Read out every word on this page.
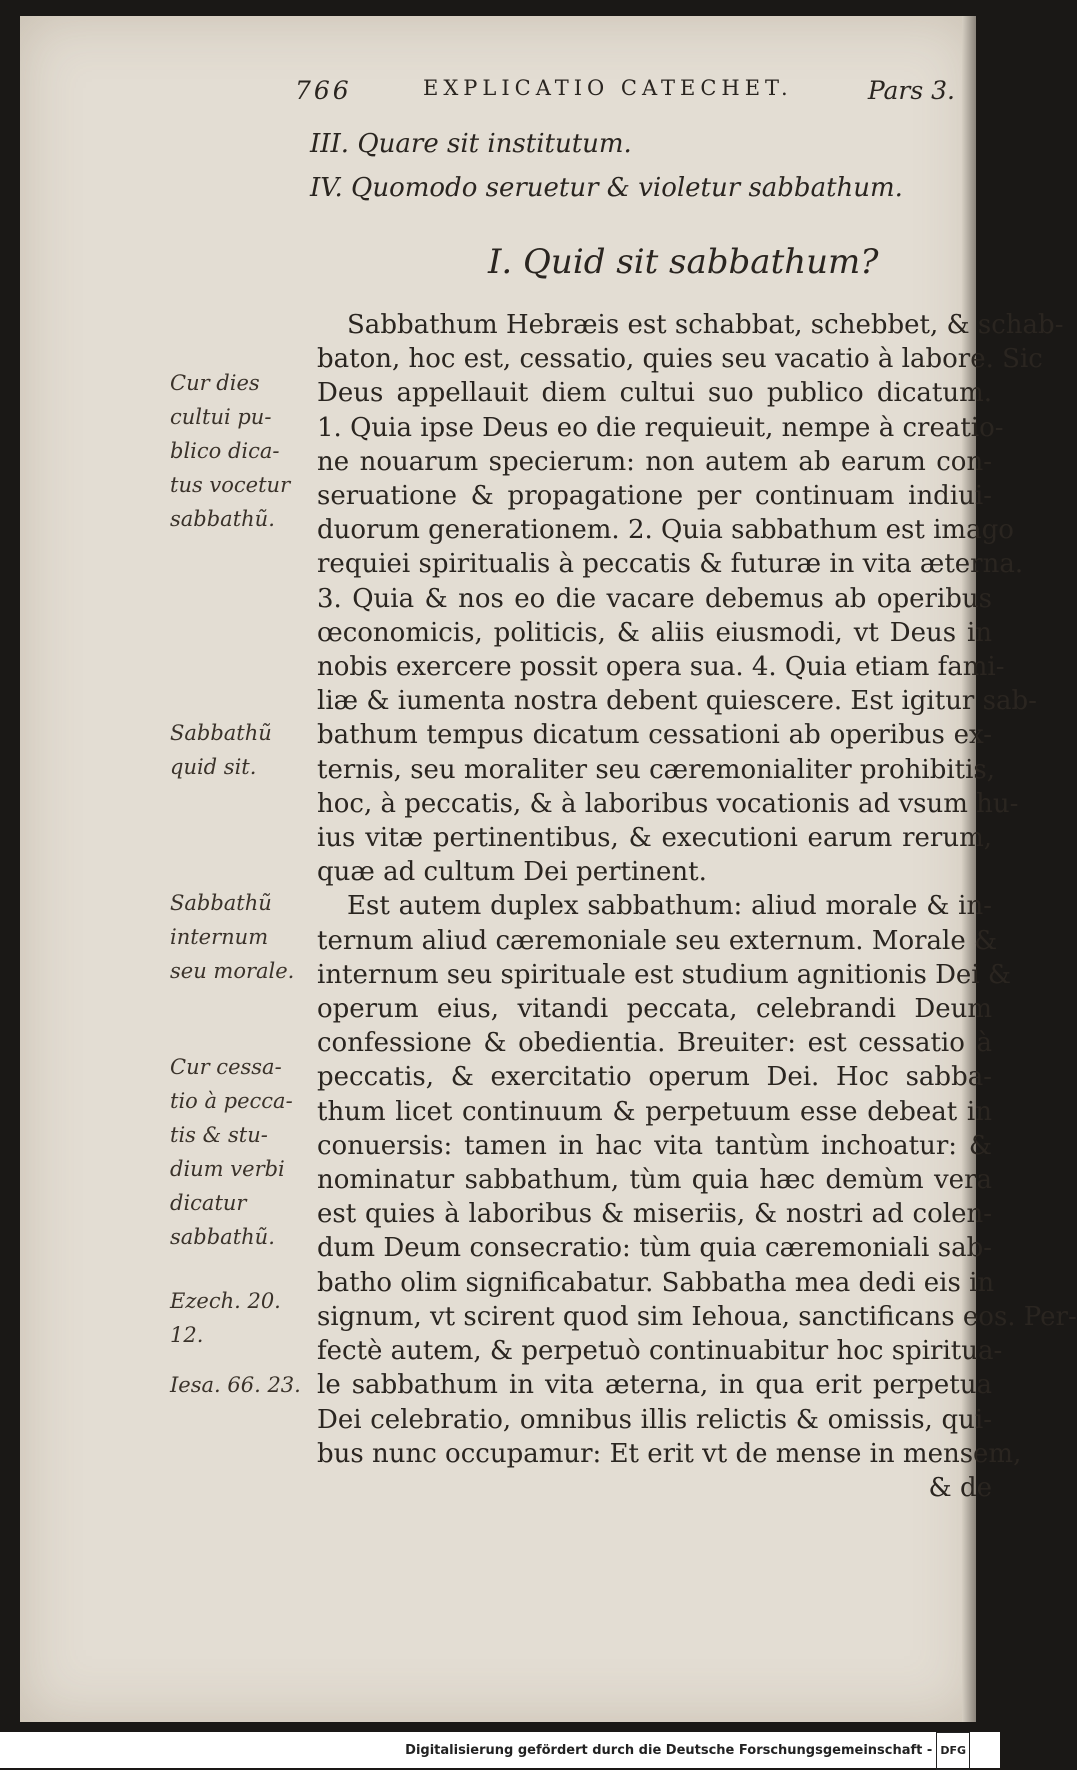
766	EXPLICATIO CATECHET.	Pars 3.
III. Quare sit institutum.
IV. Quomodo seruetur & violetur sabbathum.
I. Quid sit sabbathum?
Sabbathum Hebræis est schabbat, schebbet, & schab-
baton, hoc est, cessatio, quies seu vacatio à labore. Sic
Deus appellauit diem cultui suo publico dicatum.
1. Quia ipse Deus eo die requieuit, nempe à creatio-
ne nouarum specierum: non autem ab earum con-
seruatione & propagatione per continuam indiui-
duorum generationem. 2. Quia sabbathum est imago
requiei spiritualis à peccatis & futuræ in vita æterna.
3. Quia & nos eo die vacare debemus ab operibus
œconomicis, politicis, & aliis eiusmodi, vt Deus in
nobis exercere possit opera sua. 4. Quia etiam fami-
liæ & iumenta nostra debent quiescere. Est igitur sab-
bathum tempus dicatum cessationi ab operibus ex-
ternis, seu moraliter seu cæremonialiter prohibitis,
hoc, à peccatis, & à laboribus vocationis ad vsum hu-
ius vitæ pertinentibus, & executioni earum rerum,
quæ ad cultum Dei pertinent.
Est autem duplex sabbathum: aliud morale & in-
ternum aliud cæremoniale seu externum. Morale &
internum seu spirituale est studium agnitionis Dei &
operum eius, vitandi peccata, celebrandi Deum
confessione & obedientia. Breuiter: est cessatio à
peccatis, & exercitatio operum Dei. Hoc sabba-
thum licet continuum & perpetuum esse debeat in
conuersis: tamen in hac vita tantùm inchoatur: &
nominatur sabbathum, tùm quia hæc demùm vera
est quies à laboribus & miseriis, & nostri ad colen-
dum Deum consecratio: tùm quia cæremoniali sab-
batho olim significabatur. Sabbatha mea dedi eis in
signum, vt scirent quod sim Iehoua, sanctificans eos. Per-
fectè autem, & perpetuò continuabitur hoc spiritua-
le sabbathum in vita æterna, in qua erit perpetua
Dei celebratio, omnibus illis relictis & omissis, qui-
bus nunc occupamur: Et erit vt de mense in mensem,
& de
Cur dies
cultui pu-
blico dica-
tus vocetur
sabbathũ.
Sabbathũ
quid sit.
Sabbathũ
internum
seu morale.
Cur cessa-
tio à pecca-
tis & stu-
dium verbi
dicatur
sabbathũ.
Ezech. 20.
12.
Iesa. 66. 23.
Digitalisierung gefördert durch die Deutsche Forschungsgemeinschaft - DFG
